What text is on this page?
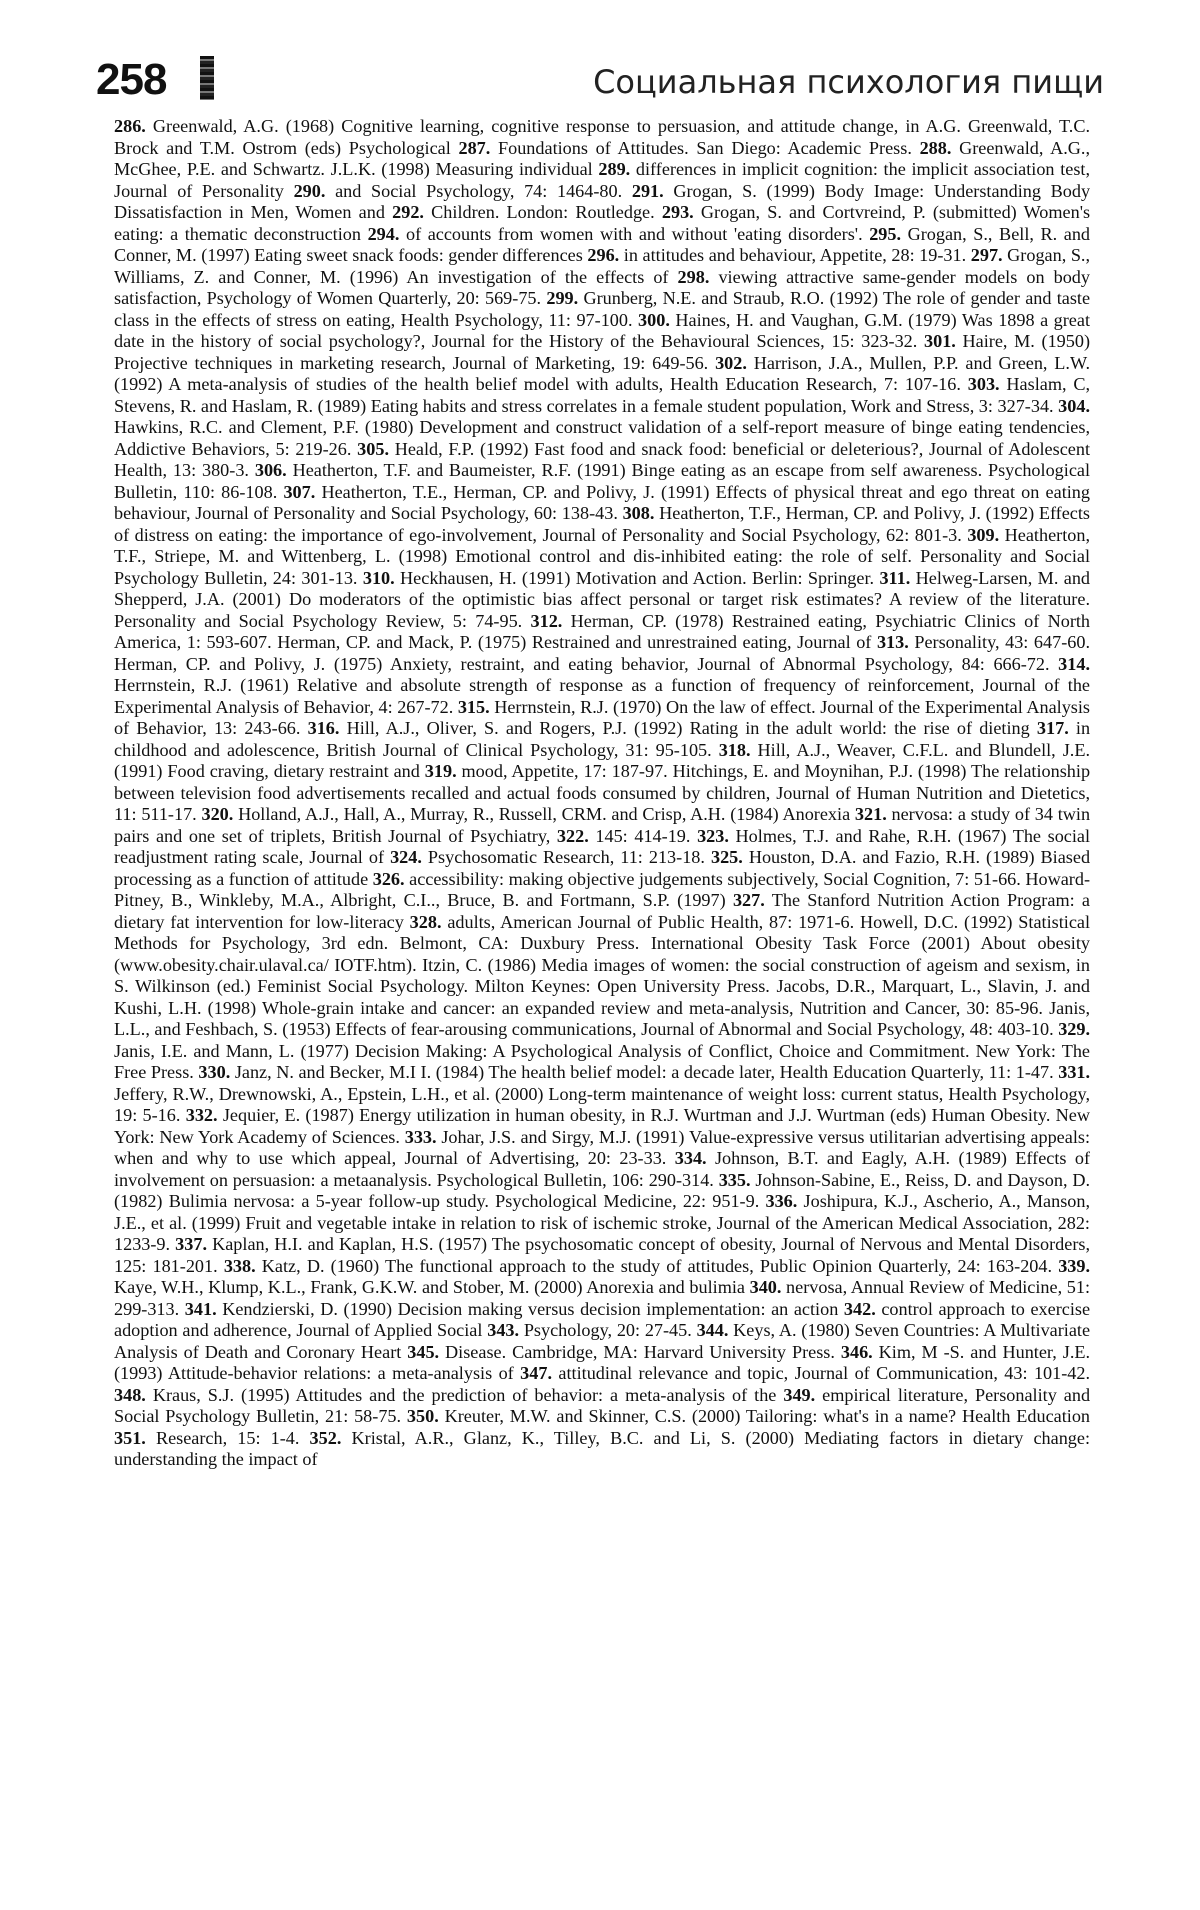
258	Социальная психология пищи

286. Greenwald, A.G. (1968) Cognitive learning, cognitive response to persuasion, and attitude change, in A.G. Greenwald, T.C. Brock and T.M. Ostrom (eds) Psychological 287. Foundations of Attitudes. San Diego: Academic Press. 288. Greenwald, A.G., McGhee, P.E. and Schwartz. J.L.K. (1998) Measuring individual 289. differences in implicit cognition: the implicit association test, Journal of Personality 290. and Social Psychology, 74: 1464-80. 291. Grogan, S. (1999) Body Image: Understanding Body Dissatisfaction in Men, Women and 292. Children. London: Routledge. 293. Grogan, S. and Cortvreind, P. (submitted) Women's eating: a thematic deconstruction 294. of accounts from women with and without 'eating disorders'. 295. Grogan, S., Bell, R. and Conner, M. (1997) Eating sweet snack foods: gender differences 296. in attitudes and behaviour, Appetite, 28: 19-31. 297. Grogan, S., Williams, Z. and Conner, M. (1996) An investigation of the effects of 298. viewing attractive same-gender models on body satisfaction, Psychology of Women Quarterly, 20: 569-75. 299. Grunberg, N.E. and Straub, R.O. (1992) The role of gender and taste class in the effects of stress on eating, Health Psychology, 11: 97-100. 300. Haines, H. and Vaughan, G.M. (1979) Was 1898 a great date in the history of social psychology?, Journal for the History of the Behavioural Sciences, 15: 323-32. 301. Haire, M. (1950) Projective techniques in marketing research, Journal of Marketing, 19: 649-56. 302. Harrison, J.A., Mullen, P.P. and Green, L.W. (1992) A meta-analysis of studies of the health belief model with adults, Health Education Research, 7: 107-16. 303. Haslam, C, Stevens, R. and Haslam, R. (1989) Eating habits and stress correlates in a female student population, Work and Stress, 3: 327-34. 304. Hawkins, R.C. and Clement, P.F. (1980) Development and construct validation of a self-report measure of binge eating tendencies, Addictive Behaviors, 5: 219-26. 305. Heald, F.P. (1992) Fast food and snack food: beneficial or deleterious?, Journal of Adolescent Health, 13: 380-3. 306. Heatherton, T.F. and Baumeister, R.F. (1991) Binge eating as an escape from self awareness. Psychological Bulletin, 110: 86-108. 307. Heatherton, T.E., Herman, CP. and Polivy, J. (1991) Effects of physical threat and ego threat on eating behaviour, Journal of Personality and Social Psychology, 60: 138-43. 308. Heatherton, T.F., Herman, CP. and Polivy, J. (1992) Effects of distress on eating: the importance of ego-involvement, Journal of Personality and Social Psychology, 62: 801-3. 309. Heatherton, T.F., Striepe, M. and Wittenberg, L. (1998) Emotional control and dis-inhibited eating: the role of self. Personality and Social Psychology Bulletin, 24: 301-13. 310. Heckhausen, H. (1991) Motivation and Action. Berlin: Springer. 311. Helweg-Larsen, M. and Shepperd, J.A. (2001) Do moderators of the optimistic bias affect personal or target risk estimates? A review of the literature. Personality and Social Psychology Review, 5: 74-95. 312. Herman, CP. (1978) Restrained eating, Psychiatric Clinics of North America, 1: 593-607. Herman, CP. and Mack, P. (1975) Restrained and unrestrained eating, Journal of 313. Personality, 43: 647-60. Herman, CP. and Polivy, J. (1975) Anxiety, restraint, and eating behavior, Journal of Abnormal Psychology, 84: 666-72. 314. Herrnstein, R.J. (1961) Relative and absolute strength of response as a function of frequency of reinforcement, Journal of the Experimental Analysis of Behavior, 4: 267-72. 315. Herrnstein, R.J. (1970) On the law of effect. Journal of the Experimental Analysis of Behavior, 13: 243-66. 316. Hill, A.J., Oliver, S. and Rogers, P.J. (1992) Rating in the adult world: the rise of dieting 317. in childhood and adolescence, British Journal of Clinical Psychology, 31: 95-105. 318. Hill, A.J., Weaver, C.F.L. and Blundell, J.E. (1991) Food craving, dietary restraint and 319. mood, Appetite, 17: 187-97. Hitchings, E. and Moynihan, P.J. (1998) The relationship between television food advertisements recalled and actual foods consumed by children, Journal of Human Nutrition and Dietetics, 11: 511-17. 320. Holland, A.J., Hall, A., Murray, R., Russell, CRM. and Crisp, A.H. (1984) Anorexia 321. nervosa: a study of 34 twin pairs and one set of triplets, British Journal of Psychiatry, 322. 145: 414-19. 323. Holmes, T.J. and Rahe, R.H. (1967) The social readjustment rating scale, Journal of 324. Psychosomatic Research, 11: 213-18. 325. Houston, D.A. and Fazio, R.H. (1989) Biased processing as a function of attitude 326. accessibility: making objective judgements subjectively, Social Cognition, 7: 51-66. Howard-Pitney, B., Winkleby, M.A., Albright, C.I.., Bruce, B. and Fortmann, S.P. (1997) 327. The Stanford Nutrition Action Program: a dietary fat intervention for low-literacy 328. adults, American Journal of Public Health, 87: 1971-6. Howell, D.C. (1992) Statistical Methods for Psychology, 3rd edn. Belmont, CA: Duxbury Press. International Obesity Task Force (2001) About obesity (www.obesity.chair.ulaval.ca/ IOTF.htm). Itzin, C. (1986) Media images of women: the social construction of ageism and sexism, in S. Wilkinson (ed.) Feminist Social Psychology. Milton Keynes: Open University Press. Jacobs, D.R., Marquart, L., Slavin, J. and Kushi, L.H. (1998) Whole-grain intake and cancer: an expanded review and meta-analysis, Nutrition and Cancer, 30: 85-96. Janis, L.L., and Feshbach, S. (1953) Effects of fear-arousing communications, Journal of Abnormal and Social Psychology, 48: 403-10. 329. Janis, I.E. and Mann, L. (1977) Decision Making: A Psychological Analysis of Conflict, Choice and Commitment. New York: The Free Press. 330. Janz, N. and Becker, M.I I. (1984) The health belief model: a decade later, Health Education Quarterly, 11: 1-47. 331. Jeffery, R.W., Drewnowski, A., Epstein, L.H., et al. (2000) Long-term maintenance of weight loss: current status, Health Psychology, 19: 5-16. 332. Jequier, E. (1987) Energy utilization in human obesity, in R.J. Wurtman and J.J. Wurtman (eds) Human Obesity. New York: New York Academy of Sciences. 333. Johar, J.S. and Sirgy, M.J. (1991) Value-expressive versus utilitarian advertising appeals: when and why to use which appeal, Journal of Advertising, 20: 23-33. 334. Johnson, B.T. and Eagly, A.H. (1989) Effects of involvement on persuasion: a metaanalysis. Psychological Bulletin, 106: 290-314. 335. Johnson-Sabine, E., Reiss, D. and Dayson, D. (1982) Bulimia nervosa: a 5-year follow-up study. Psychological Medicine, 22: 951-9. 336. Joshipura, K.J., Ascherio, A., Manson, J.E., et al. (1999) Fruit and vegetable intake in relation to risk of ischemic stroke, Journal of the American Medical Association, 282: 1233-9. 337. Kaplan, H.I. and Kaplan, H.S. (1957) The psychosomatic concept of obesity, Journal of Nervous and Mental Disorders, 125: 181-201. 338. Katz, D. (1960) The functional approach to the study of attitudes, Public Opinion Quarterly, 24: 163-204. 339. Kaye, W.H., Klump, K.L., Frank, G.K.W. and Stober, M. (2000) Anorexia and bulimia 340. nervosa, Annual Review of Medicine, 51: 299-313. 341. Kendzierski, D. (1990) Decision making versus decision implementation: an action 342. control approach to exercise adoption and adherence, Journal of Applied Social 343. Psychology, 20: 27-45. 344. Keys, A. (1980) Seven Countries: A Multivariate Analysis of Death and Coronary Heart 345. Disease. Cambridge, MA: Harvard University Press. 346. Kim, M -S. and Hunter, J.E. (1993) Attitude-behavior relations: a meta-analysis of 347. attitudinal relevance and topic, Journal of Communication, 43: 101-42. 348. Kraus, S.J. (1995) Attitudes and the prediction of behavior: a meta-analysis of the 349. empirical literature, Personality and Social Psychology Bulletin, 21: 58-75. 350. Kreuter, M.W. and Skinner, C.S. (2000) Tailoring: what's in a name? Health Education 351. Research, 15: 1-4. 352. Kristal, A.R., Glanz, K., Tilley, B.C. and Li, S. (2000) Mediating factors in dietary change: understanding the impact of
